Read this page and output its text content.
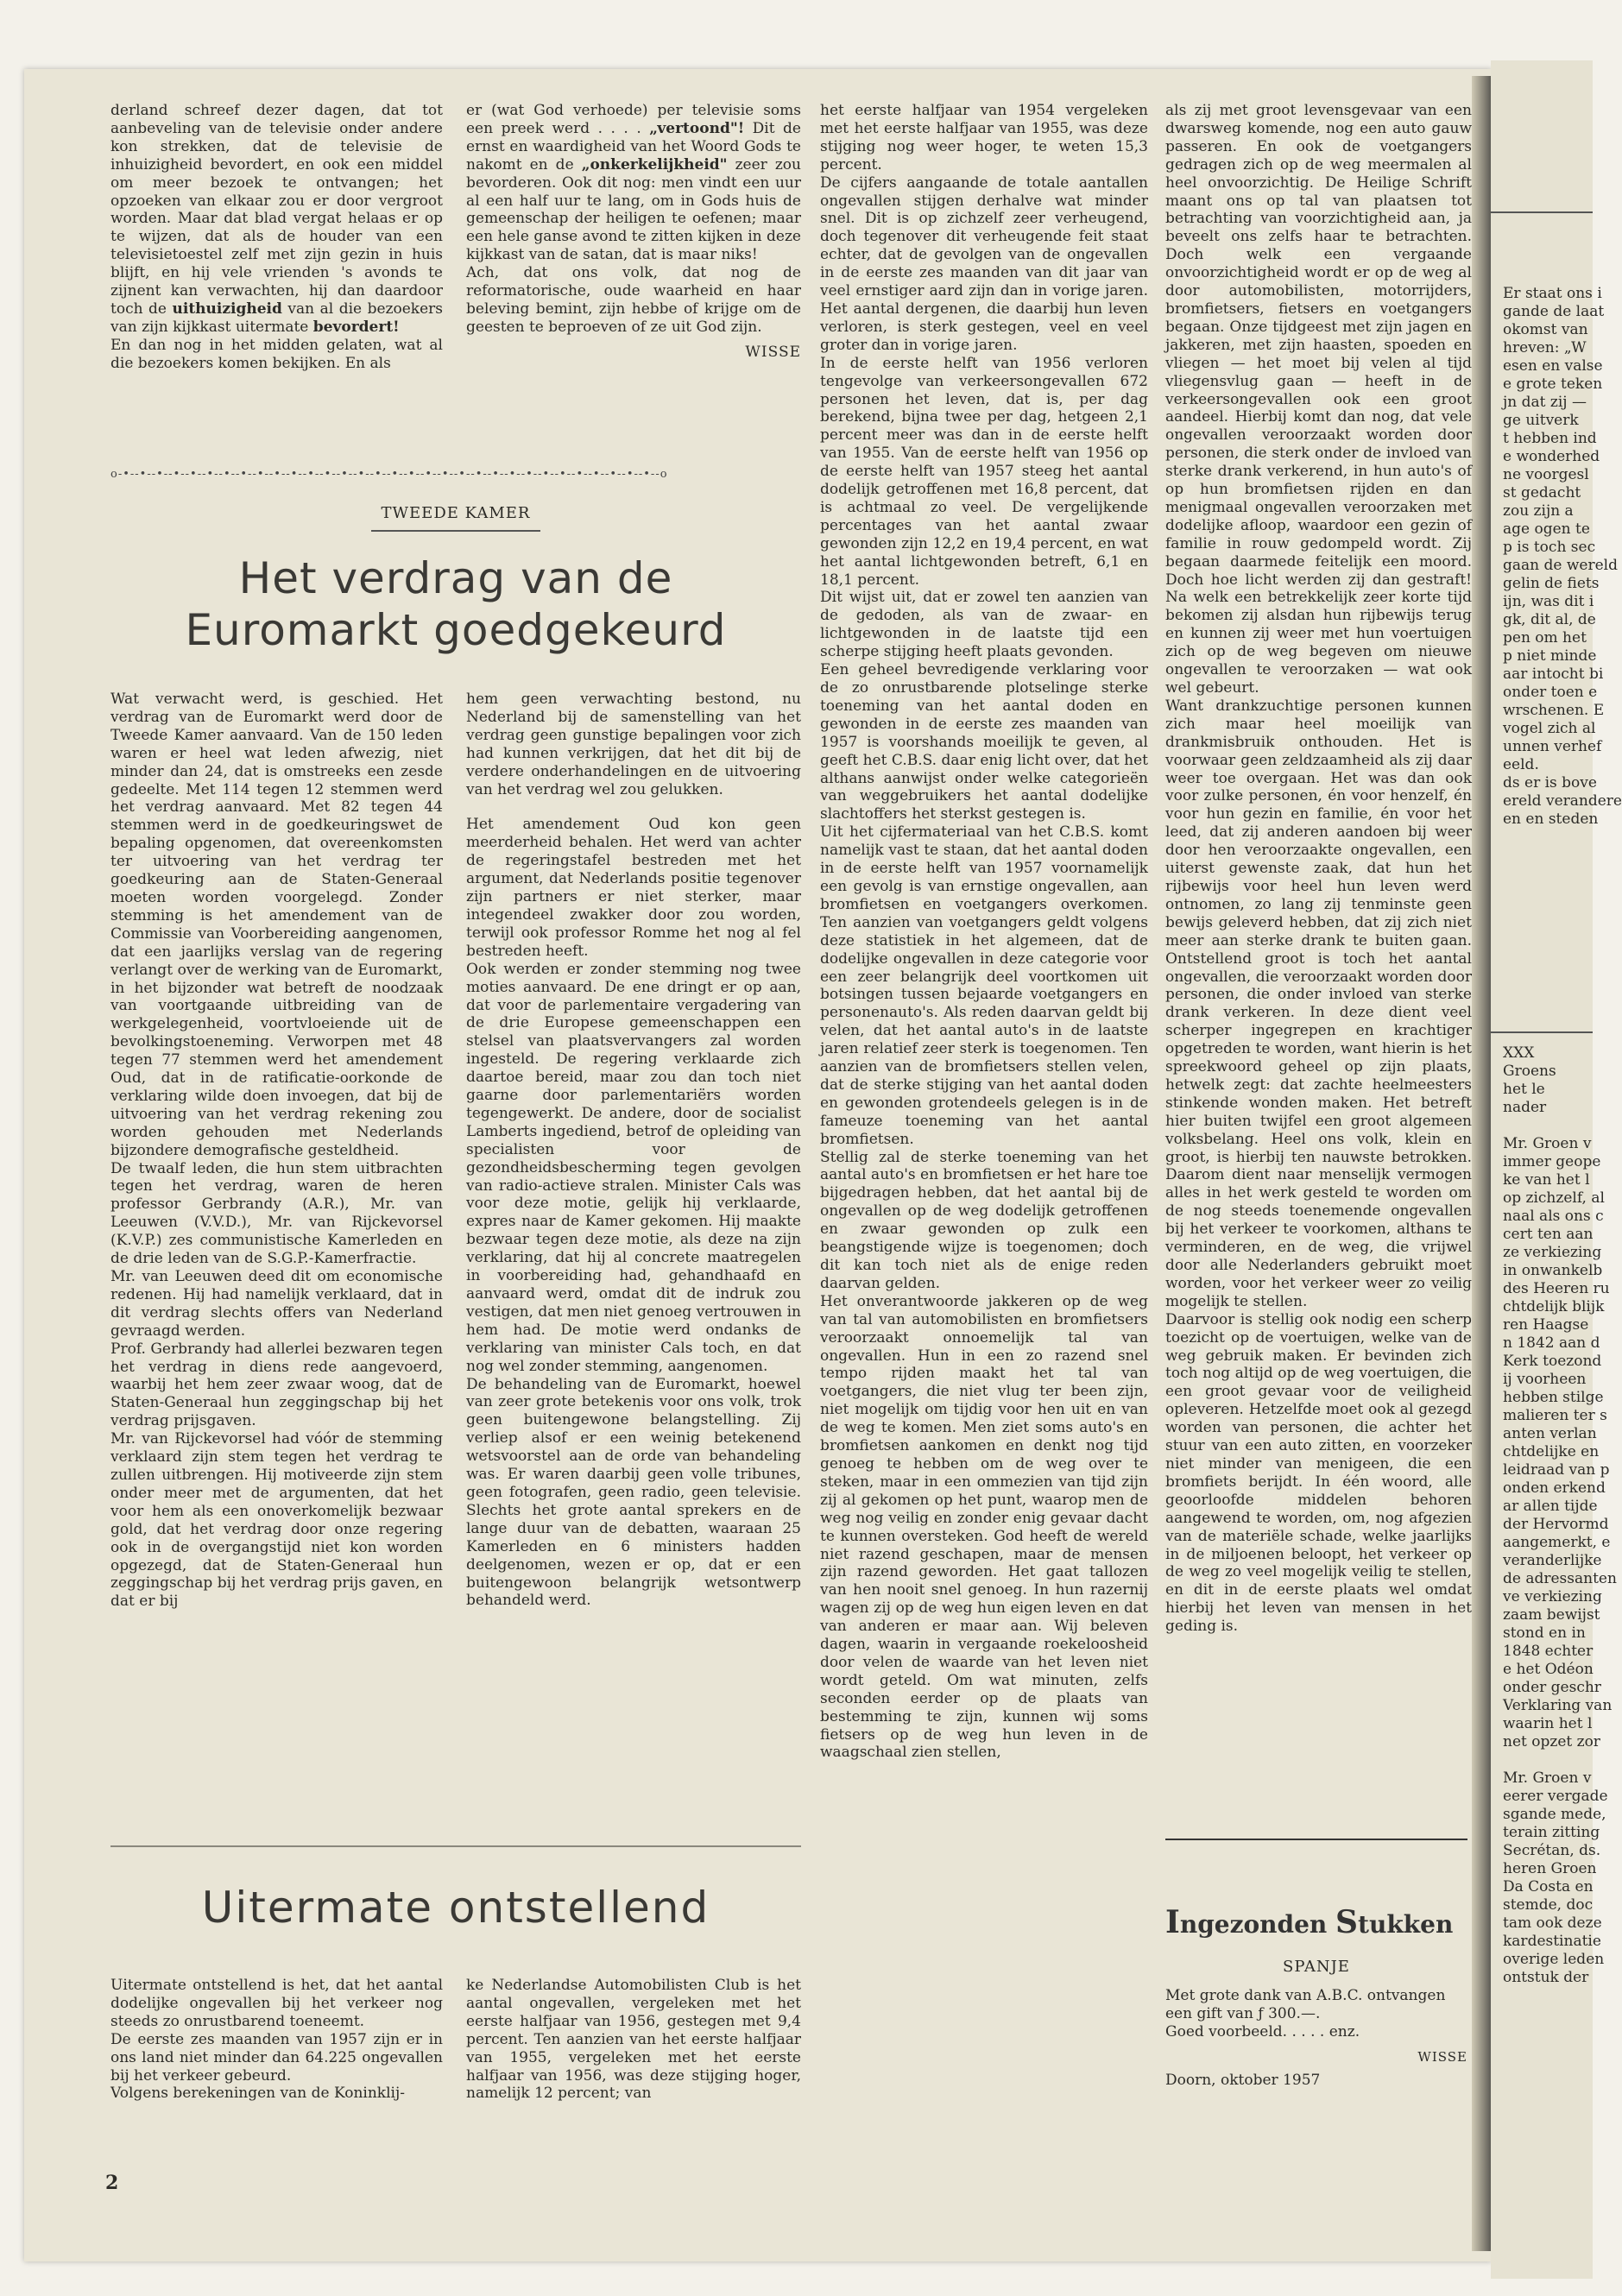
derland schreef dezer dagen, dat tot aanbeveling van de televisie onder andere kon strekken, dat de televisie de inhuizigheid bevordert, en ook een middel om meer bezoek te ontvangen; het opzoeken van elkaar zou er door vergroot worden. Maar dat blad vergat helaas er op te wijzen, dat als de houder van een televisietoestel zelf met zijn gezin in huis blijft, en hij vele vrienden 's avonds te zijnent kan verwachten, hij dan daardoor toch de uithuizigheid van al die bezoekers van zijn kijkkast uitermate bevordert!

En dan nog in het midden gelaten, wat al die bezoekers komen bekijken. En als

er (wat God verhoede) per televisie soms een preek werd . . . . „vertoond"! Dit de ernst en waardigheid van het Woord Gods te nakomt en de „onkerkelijkheid" zeer zou bevorderen. Ook dit nog: men vindt een uur al een half uur te lang, om in Gods huis de gemeenschap der heiligen te oefenen; maar een hele ganse avond te zitten kijken in deze kijkkast van de satan, dat is maar niks!

Ach, dat ons volk, dat nog de reformatorische, oude waarheid en haar beleving bemint, zijn hebbe of krijge om de geesten te beproeven of ze uit God zijn.

WISSE

o-•--•--•--•--•--•--•--•--•--•--•--•--•--•--•--•--•--•--•--•--•--•--•--•--•--•--•--•--•--•--•--•--o
TWEEDE KAMER
Het verdrag van de
Euromarkt goedgekeurd

Wat verwacht werd, is geschied. Het verdrag van de Euromarkt werd door de Tweede Kamer aanvaard. Van de 150 leden waren er heel wat leden afwezig, niet minder dan 24, dat is omstreeks een zesde gedeelte. Met 114 tegen 12 stemmen werd het verdrag aanvaard. Met 82 tegen 44 stemmen werd in de goedkeuringswet de bepaling opgenomen, dat overeenkomsten ter uitvoering van het verdrag ter goedkeuring aan de Staten-Generaal moeten worden voorgelegd. Zonder stemming is het amendement van de Commissie van Voorbereiding aangenomen, dat een jaarlijks verslag van de regering verlangt over de werking van de Euromarkt, in het bijzonder wat betreft de noodzaak van voortgaande uitbreiding van de werkgelegenheid, voortvloeiende uit de bevolkingstoeneming. Verworpen met 48 tegen 77 stemmen werd het amendement Oud, dat in de ratificatie-oorkonde de verklaring wilde doen invoegen, dat bij de uitvoering van het verdrag rekening zou worden gehouden met Nederlands bijzondere demografische gesteldheid.

De twaalf leden, die hun stem uitbrachten tegen het verdrag, waren de heren professor Gerbrandy (A.R.), Mr. van Leeuwen (V.V.D.), Mr. van Rijckevorsel (K.V.P.) zes communistische Kamerleden en de drie leden van de S.G.P.-Kamerfractie.

Mr. van Leeuwen deed dit om economische redenen. Hij had namelijk verklaard, dat in dit verdrag slechts offers van Nederland gevraagd werden.

Prof. Gerbrandy had allerlei bezwaren tegen het verdrag in diens rede aangevoerd, waarbij het hem zeer zwaar woog, dat de Staten-Generaal hun zeggingschap bij het verdrag prijsgaven.

Mr. van Rijckevorsel had vóór de stemming verklaard zijn stem tegen het verdrag te zullen uitbrengen. Hij motiveerde zijn stem onder meer met de argumenten, dat het voor hem als een onoverkomelijk bezwaar gold, dat het verdrag door onze regering ook in de overgangstijd niet kon worden opgezegd, dat de Staten-Generaal hun zeggingschap bij het verdrag prijs gaven, en dat er bij

hem geen verwachting bestond, nu Nederland bij de samenstelling van het verdrag geen gunstige bepalingen voor zich had kunnen verkrijgen, dat het dit bij de verdere onderhandelingen en de uitvoering van het verdrag wel zou gelukken.

Het amendement Oud kon geen meerderheid behalen. Het werd van achter de regeringstafel bestreden met het argument, dat Nederlands positie tegenover zijn partners er niet sterker, maar integendeel zwakker door zou worden, terwijl ook professor Romme het nog al fel bestreden heeft.

Ook werden er zonder stemming nog twee moties aanvaard. De ene dringt er op aan, dat voor de parlementaire vergadering van de drie Europese gemeenschappen een stelsel van plaatsvervangers zal worden ingesteld. De regering verklaarde zich daartoe bereid, maar zou dan toch niet gaarne door parlementariërs worden tegengewerkt. De andere, door de socialist Lamberts ingediend, betrof de opleiding van specialisten voor de gezondheidsbescherming tegen gevolgen van radio-actieve stralen. Minister Cals was voor deze motie, gelijk hij verklaarde, expres naar de Kamer gekomen. Hij maakte bezwaar tegen deze motie, als deze na zijn verklaring, dat hij al concrete maatregelen in voorbereiding had, gehandhaafd en aanvaard werd, omdat dit de indruk zou vestigen, dat men niet genoeg vertrouwen in hem had. De motie werd ondanks de verklaring van minister Cals toch, en dat nog wel zonder stemming, aangenomen.

De behandeling van de Euromarkt, hoewel van zeer grote betekenis voor ons volk, trok geen buitengewone belangstelling. Zij verliep alsof er een weinig betekenend wetsvoorstel aan de orde van behandeling was. Er waren daarbij geen volle tribunes, geen fotografen, geen radio, geen televisie. Slechts het grote aantal sprekers en de lange duur van de debatten, waaraan 25 Kamerleden en 6 ministers hadden deelgenomen, wezen er op, dat er een buitengewoon belangrijk wetsontwerp behandeld werd.

Uitermate ontstellend

Uitermate ontstellend is het, dat het aantal dodelijke ongevallen bij het verkeer nog steeds zo onrustbarend toeneemt.

De eerste zes maanden van 1957 zijn er in ons land niet minder dan 64.225 ongevallen bij het verkeer gebeurd.

Volgens berekeningen van de Koninklij-

ke Nederlandse Automobilisten Club is het aantal ongevallen, vergeleken met het eerste halfjaar van 1956, gestegen met 9,4 percent. Ten aanzien van het eerste halfjaar van 1955, vergeleken met het eerste halfjaar van 1956, was deze stijging hoger, namelijk 12 percent; van

het eerste halfjaar van 1954 vergeleken met het eerste halfjaar van 1955, was deze stijging nog weer hoger, te weten 15,3 percent.

De cijfers aangaande de totale aantallen ongevallen stijgen derhalve wat minder snel. Dit is op zichzelf zeer verheugend, doch tegenover dit verheugende feit staat echter, dat de gevolgen van de ongevallen in de eerste zes maanden van dit jaar van veel ernstiger aard zijn dan in vorige jaren. Het aantal dergenen, die daarbij hun leven verloren, is sterk gestegen, veel en veel groter dan in vorige jaren.

In de eerste helft van 1956 verloren tengevolge van verkeersongevallen 672 personen het leven, dat is, per dag berekend, bijna twee per dag, hetgeen 2,1 percent meer was dan in de eerste helft van 1955. Van de eerste helft van 1956 op de eerste helft van 1957 steeg het aantal dodelijk getroffenen met 16,8 percent, dat is achtmaal zo veel. De vergelijkende percentages van het aantal zwaar gewonden zijn 12,2 en 19,4 percent, en wat het aantal lichtgewonden betreft, 6,1 en 18,1 percent.

Dit wijst uit, dat er zowel ten aanzien van de gedoden, als van de zwaar- en lichtgewonden in de laatste tijd een scherpe stijging heeft plaats gevonden.

Een geheel bevredigende verklaring voor de zo onrustbarende plotselinge sterke toeneming van het aantal doden en gewonden in de eerste zes maanden van 1957 is voorshands moeilijk te geven, al geeft het C.B.S. daar enig licht over, dat het althans aanwijst onder welke categorieën van weggebruikers het aantal dodelijke slachtoffers het sterkst gestegen is.

Uit het cijfermateriaal van het C.B.S. komt namelijk vast te staan, dat het aantal doden in de eerste helft van 1957 voornamelijk een gevolg is van ernstige ongevallen, aan bromfietsen en voetgangers overkomen. Ten aanzien van voetgangers geldt volgens deze statistiek in het algemeen, dat de dodelijke ongevallen in deze categorie voor een zeer belangrijk deel voortkomen uit botsingen tussen bejaarde voetgangers en personenauto's. Als reden daarvan geldt bij velen, dat het aantal auto's in de laatste jaren relatief zeer sterk is toegenomen. Ten aanzien van de bromfietsers stellen velen, dat de sterke stijging van het aantal doden en gewonden grotendeels gelegen is in de fameuze toeneming van het aantal bromfietsen.

Stellig zal de sterke toeneming van het aantal auto's en bromfietsen er het hare toe bijgedragen hebben, dat het aantal bij de ongevallen op de weg dodelijk getroffenen en zwaar gewonden op zulk een beangstigende wijze is toegenomen; doch dit kan toch niet als de enige reden daarvan gelden.

Het onverantwoorde jakkeren op de weg van tal van automobilisten en bromfietsers veroorzaakt onnoemelijk tal van ongevallen. Hun in een zo razend snel tempo rijden maakt het tal van voetgangers, die niet vlug ter been zijn, niet mogelijk om tijdig voor hen uit en van de weg te komen. Men ziet soms auto's en bromfietsen aankomen en denkt nog tijd genoeg te hebben om de weg over te steken, maar in een ommezien van tijd zijn zij al gekomen op het punt, waarop men de weg nog veilig en zonder enig gevaar dacht te kunnen oversteken. God heeft de wereld niet razend geschapen, maar de mensen zijn razend geworden. Het gaat tallozen van hen nooit snel genoeg. In hun razernij wagen zij op de weg hun eigen leven en dat van anderen er maar aan. Wij beleven dagen, waarin in vergaande roekeloosheid door velen de waarde van het leven niet wordt geteld. Om wat minuten, zelfs seconden eerder op de plaats van bestemming te zijn, kunnen wij soms fietsers op de weg hun leven in de waagschaal zien stellen,

als zij met groot levensgevaar van een dwarsweg komende, nog een auto gauw passeren. En ook de voetgangers gedragen zich op de weg meermalen al heel onvoorzichtig. De Heilige Schrift maant ons op tal van plaatsen tot betrachting van voorzichtigheid aan, ja beveelt ons zelfs haar te betrachten. Doch welk een vergaande onvoorzichtigheid wordt er op de weg al door automobilisten, motorrijders, bromfietsers, fietsers en voetgangers begaan. Onze tijdgeest met zijn jagen en jakkeren, met zijn haasten, spoeden en vliegen — het moet bij velen al tijd vliegensvlug gaan — heeft in de verkeersongevallen ook een groot aandeel. Hierbij komt dan nog, dat vele ongevallen veroorzaakt worden door personen, die sterk onder de invloed van sterke drank verkerend, in hun auto's of op hun bromfietsen rijden en dan menigmaal ongevallen veroorzaken met dodelijke afloop, waardoor een gezin of familie in rouw gedompeld wordt. Zij begaan daarmede feitelijk een moord. Doch hoe licht werden zij dan gestraft! Na welk een betrekkelijk zeer korte tijd bekomen zij alsdan hun rijbewijs terug en kunnen zij weer met hun voertuigen zich op de weg begeven om nieuwe ongevallen te veroorzaken — wat ook wel gebeurt.

Want drankzuchtige personen kunnen zich maar heel moeilijk van drankmisbruik onthouden. Het is voorwaar geen zeldzaamheid als zij daar weer toe overgaan. Het was dan ook voor zulke personen, én voor henzelf, én voor hun gezin en familie, én voor het leed, dat zij anderen aandoen bij weer door hen veroorzaakte ongevallen, een uiterst gewenste zaak, dat hun het rijbewijs voor heel hun leven werd ontnomen, zo lang zij tenminste geen bewijs geleverd hebben, dat zij zich niet meer aan sterke drank te buiten gaan. Ontstellend groot is toch het aantal ongevallen, die veroorzaakt worden door personen, die onder invloed van sterke drank verkeren. In deze dient veel scherper ingegrepen en krachtiger opgetreden te worden, want hierin is het spreekwoord geheel op zijn plaats, hetwelk zegt: dat zachte heelmeesters stinkende wonden maken. Het betreft hier buiten twijfel een groot algemeen volksbelang. Heel ons volk, klein en groot, is hierbij ten nauwste betrokken. Daarom dient naar menselijk vermogen alles in het werk gesteld te worden om de nog steeds toenemende ongevallen bij het verkeer te voorkomen, althans te verminderen, en de weg, die vrijwel door alle Nederlanders gebruikt moet worden, voor het verkeer weer zo veilig mogelijk te stellen.

Daarvoor is stellig ook nodig een scherp toezicht op de voertuigen, welke van de weg gebruik maken. Er bevinden zich toch nog altijd op de weg voertuigen, die een groot gevaar voor de veiligheid opleveren. Hetzelfde moet ook al gezegd worden van personen, die achter het stuur van een auto zitten, en voorzeker niet minder van menigeen, die een bromfiets berijdt. In één woord, alle geoorloofde middelen behoren aangewend te worden, om, nog afgezien van de materiële schade, welke jaarlijks in de miljoenen beloopt, het verkeer op de weg zo veel mogelijk veilig te stellen, en dit in de eerste plaats wel omdat hierbij het leven van mensen in het geding is.

Ingezonden Stukken
SPANJE
Met grote dank van A.B.C. ontvangen een gift van ƒ 300.—.
Goed voorbeeld. . . . . enz.
WISSE
Doorn, oktober 1957
2
Er staat ons i
gande de laat
okomst van
hreven: „W
esen en valse
e grote teken
jn dat zij —
ge uitverk
t hebben ind
e wonderhed
ne voorgesl
st gedacht
zou zijn a
age ogen te
p is toch sec
gaan de wereld
gelin de fiets
ijn, was dit i
gk, dit al, de
pen om het
p niet minde
aar intocht bi
onder toen e
wrschenen. E
vogel zich al
unnen verhef
eeld.
ds er is bove
ereld verandere
en en steden
XXX
Groens
het le
nader
Mr. Groen v
immer geope
ke van het l
op zichzelf, al
naal als ons c
cert ten aan
ze verkiezing
in onwankelb
des Heeren ru
chtdelijk blijk
ren Haagse
n 1842 aan d
Kerk toezond
ij voorheen
hebben stilge
malieren ter s
anten verlan
chtdelijke en
leidraad van p
onden erkend
ar allen tijde
der Hervormd
aangemerkt, e
veranderlijke
de adressanten
ve verkiezing
zaam bewijst
stond en in
1848 echter
e het Odéon
onder geschr
Verklaring van
waarin het l
net opzet zor
Mr. Groen v
eerer vergade
sgande mede,
terain zitting
Secrétan, ds.
heren Groen
Da Costa en
stemde, doc
tam ook deze
kardestinatie
overige leden
ontstuk der
